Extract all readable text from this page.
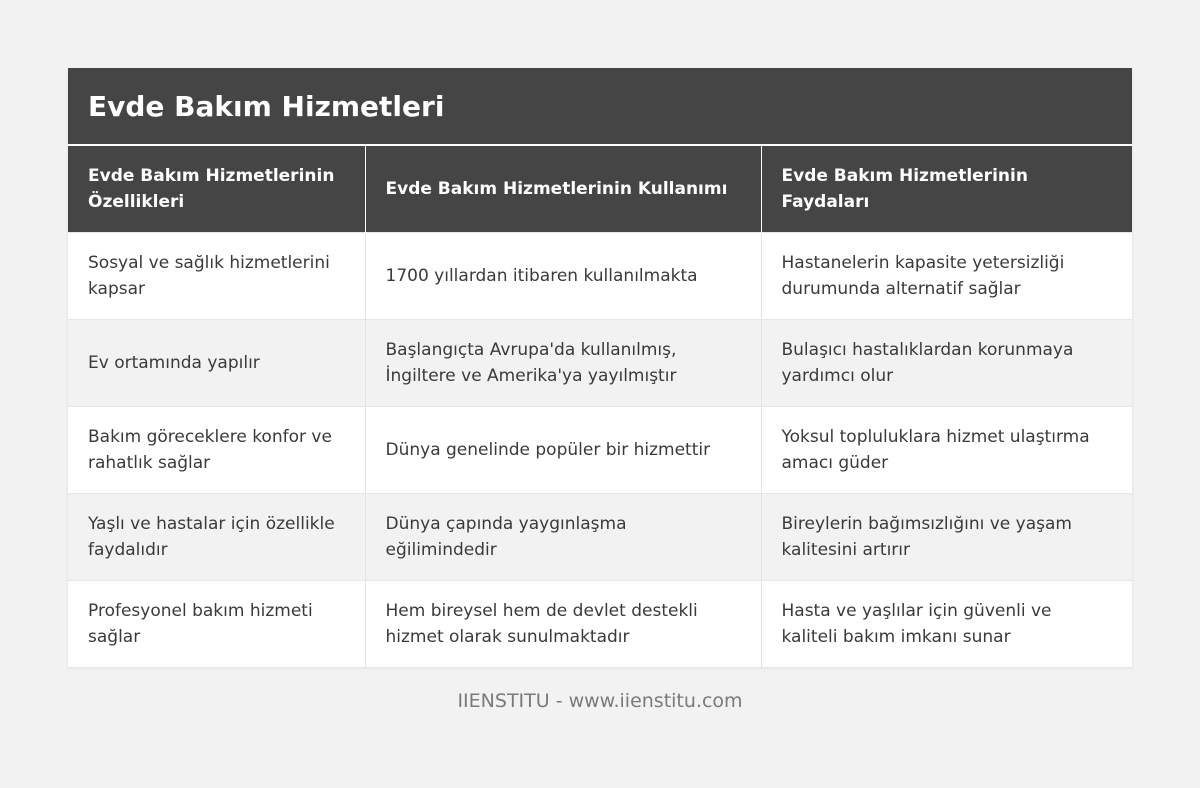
Evde Bakım Hizmetleri
Evde Bakım Hizmetlerinin Özellikleri	Evde Bakım Hizmetlerinin Kullanımı	Evde Bakım Hizmetlerinin Faydaları
Sosyal ve sağlık hizmetlerini kapsar	1700 yıllardan itibaren kullanılmakta	Hastanelerin kapasite yetersizliği durumunda alternatif sağlar
Ev ortamında yapılır	Başlangıçta Avrupa'da kullanılmış, İngiltere ve Amerika'ya yayılmıştır	Bulaşıcı hastalıklardan korunmaya yardımcı olur
Bakım göreceklere konfor ve rahatlık sağlar	Dünya genelinde popüler bir hizmettir	Yoksul topluluklara hizmet ulaştırma amacı güder
Yaşlı ve hastalar için özellikle faydalıdır	Dünya çapında yaygınlaşma eğilimindedir	Bireylerin bağımsızlığını ve yaşam kalitesini artırır
Profesyonel bakım hizmeti sağlar	Hem bireysel hem de devlet destekli hizmet olarak sunulmaktadır	Hasta ve yaşlılar için güvenli ve kaliteli bakım imkanı sunar
IIENSTITU - www.iienstitu.com
